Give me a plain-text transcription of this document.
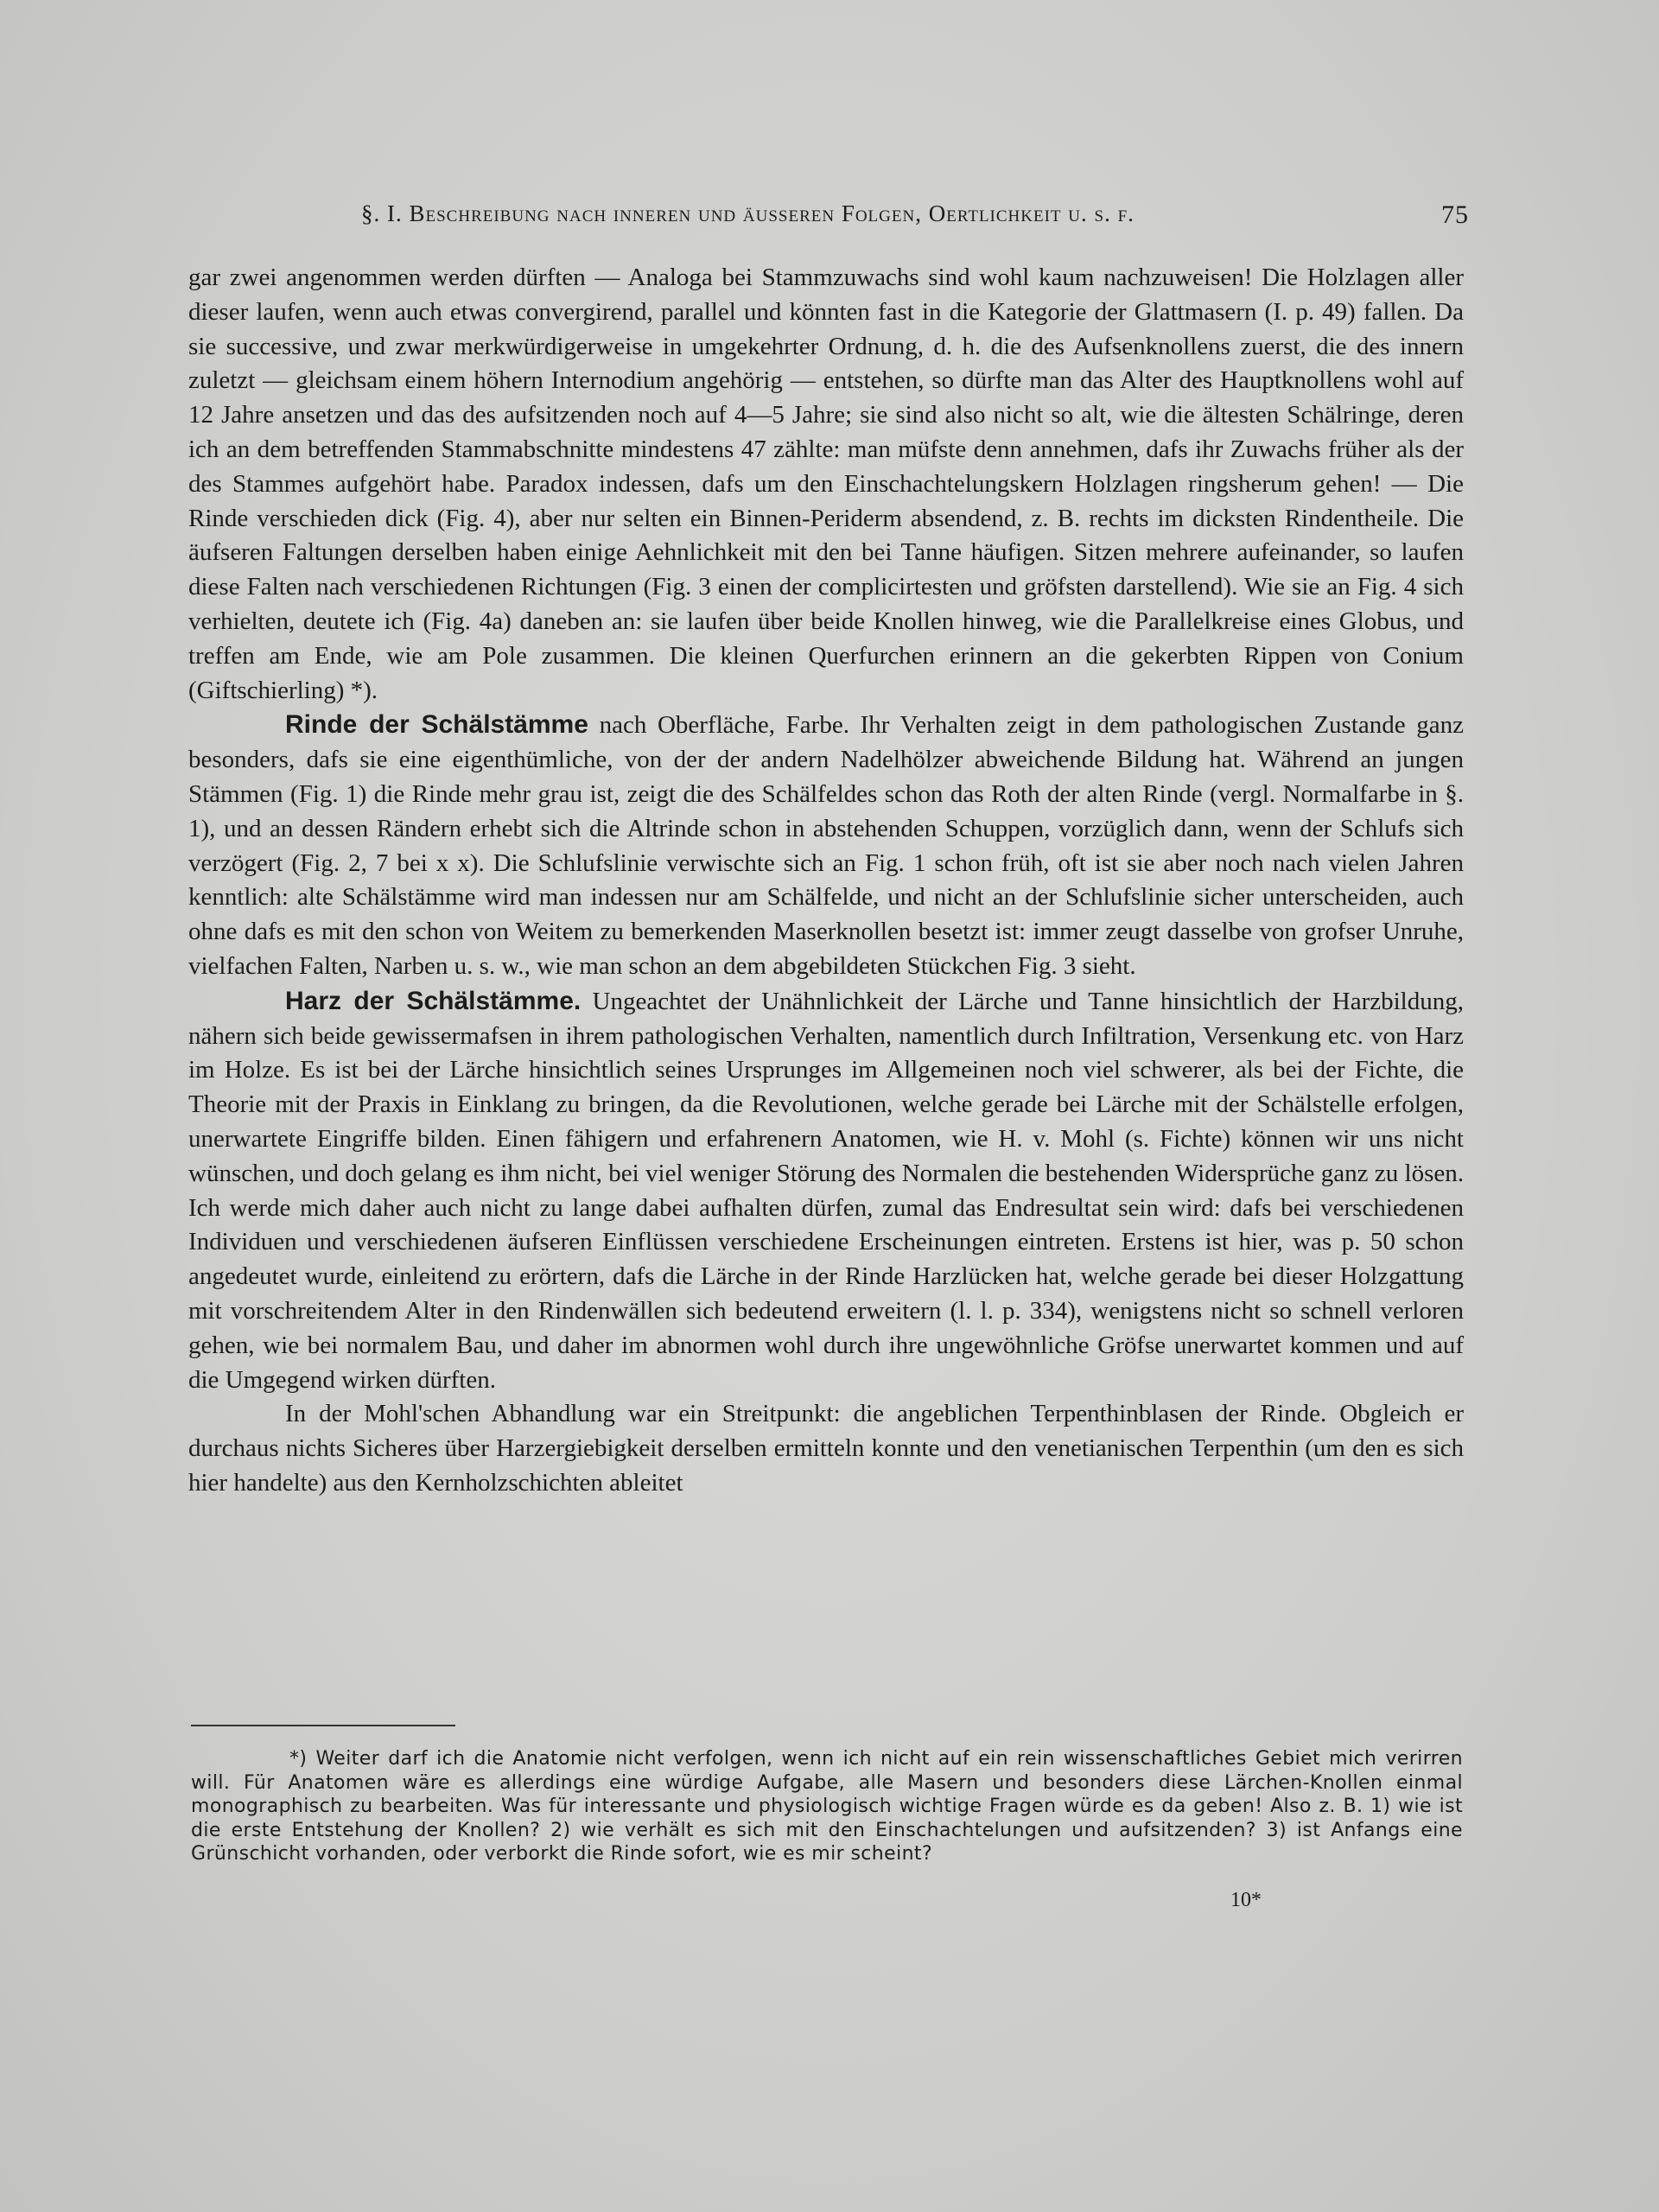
§. I. Beschreibung nach inneren und äusseren Folgen, Oertlichkeit u. s. f.	75

gar zwei angenommen werden dürften — Analoga bei Stammzuwachs sind wohl kaum nachzuweisen! Die Holzlagen aller dieser laufen, wenn auch etwas convergirend, parallel und könnten fast in die Kategorie der Glattmasern (I. p. 49) fallen. Da sie successive, und zwar merkwürdigerweise in umgekehrter Ordnung, d. h. die des Aufsenknollens zuerst, die des innern zuletzt — gleichsam einem höhern Internodium angehörig — entstehen, so dürfte man das Alter des Hauptknollens wohl auf 12 Jahre ansetzen und das des aufsitzenden noch auf 4—5 Jahre; sie sind also nicht so alt, wie die ältesten Schälringe, deren ich an dem betreffenden Stammabschnitte mindestens 47 zählte: man müfste denn annehmen, dafs ihr Zuwachs früher als der des Stammes aufgehört habe. Paradox indessen, dafs um den Einschachtelungskern Holzlagen ringsherum gehen! — Die Rinde verschieden dick (Fig. 4), aber nur selten ein Binnen-Periderm absendend, z. B. rechts im dicksten Rindentheile. Die äufseren Faltungen derselben haben einige Aehnlichkeit mit den bei Tanne häufigen. Sitzen mehrere aufeinander, so laufen diese Falten nach verschiedenen Richtungen (Fig. 3 einen der complicirtesten und gröfsten darstellend). Wie sie an Fig. 4 sich verhielten, deutete ich (Fig. 4a) daneben an: sie laufen über beide Knollen hinweg, wie die Parallelkreise eines Globus, und treffen am Ende, wie am Pole zusammen. Die kleinen Querfurchen erinnern an die gekerbten Rippen von Conium (Giftschierling) *).

Rinde der Schälstämme nach Oberfläche, Farbe. Ihr Verhalten zeigt in dem pathologischen Zustande ganz besonders, dafs sie eine eigenthümliche, von der der andern Nadelhölzer abweichende Bildung hat. Während an jungen Stämmen (Fig. 1) die Rinde mehr grau ist, zeigt die des Schälfeldes schon das Roth der alten Rinde (vergl. Normalfarbe in §. 1), und an dessen Rändern erhebt sich die Altrinde schon in abstehenden Schuppen, vorzüglich dann, wenn der Schlufs sich verzögert (Fig. 2, 7 bei x x). Die Schlufslinie verwischte sich an Fig. 1 schon früh, oft ist sie aber noch nach vielen Jahren kenntlich: alte Schälstämme wird man indessen nur am Schälfelde, und nicht an der Schlufslinie sicher unterscheiden, auch ohne dafs es mit den schon von Weitem zu bemerkenden Maserknollen besetzt ist: immer zeugt dasselbe von grofser Unruhe, vielfachen Falten, Narben u. s. w., wie man schon an dem abgebildeten Stückchen Fig. 3 sieht.

Harz der Schälstämme. Ungeachtet der Unähnlichkeit der Lärche und Tanne hinsichtlich der Harzbildung, nähern sich beide gewissermafsen in ihrem pathologischen Verhalten, namentlich durch Infiltration, Versenkung etc. von Harz im Holze. Es ist bei der Lärche hinsichtlich seines Ursprunges im Allgemeinen noch viel schwerer, als bei der Fichte, die Theorie mit der Praxis in Einklang zu bringen, da die Revolutionen, welche gerade bei Lärche mit der Schälstelle erfolgen, unerwartete Eingriffe bilden. Einen fähigern und erfahrenern Anatomen, wie H. v. Mohl (s. Fichte) können wir uns nicht wünschen, und doch gelang es ihm nicht, bei viel weniger Störung des Normalen die bestehenden Widersprüche ganz zu lösen. Ich werde mich daher auch nicht zu lange dabei aufhalten dürfen, zumal das Endresultat sein wird: dafs bei verschiedenen Individuen und verschiedenen äufseren Einflüssen verschiedene Erscheinungen eintreten. Erstens ist hier, was p. 50 schon angedeutet wurde, einleitend zu erörtern, dafs die Lärche in der Rinde Harzlücken hat, welche gerade bei dieser Holzgattung mit vorschreitendem Alter in den Rindenwällen sich bedeutend erweitern (l. l. p. 334), wenigstens nicht so schnell verloren gehen, wie bei normalem Bau, und daher im abnormen wohl durch ihre ungewöhnliche Gröfse unerwartet kommen und auf die Umgegend wirken dürften.

In der Mohl'schen Abhandlung war ein Streitpunkt: die angeblichen Terpenthinblasen der Rinde. Obgleich er durchaus nichts Sicheres über Harzergiebigkeit derselben ermitteln konnte und den venetianischen Terpenthin (um den es sich hier handelte) aus den Kernholzschichten ableitet

*) Weiter darf ich die Anatomie nicht verfolgen, wenn ich nicht auf ein rein wissenschaftliches Gebiet mich verirren will. Für Anatomen wäre es allerdings eine würdige Aufgabe, alle Masern und besonders diese Lärchen-Knollen einmal monographisch zu bearbeiten. Was für interessante und physiologisch wichtige Fragen würde es da geben! Also z. B. 1) wie ist die erste Entstehung der Knollen? 2) wie verhält es sich mit den Einschachtelungen und aufsitzenden? 3) ist Anfangs eine Grünschicht vorhanden, oder verborkt die Rinde sofort, wie es mir scheint?

10*
